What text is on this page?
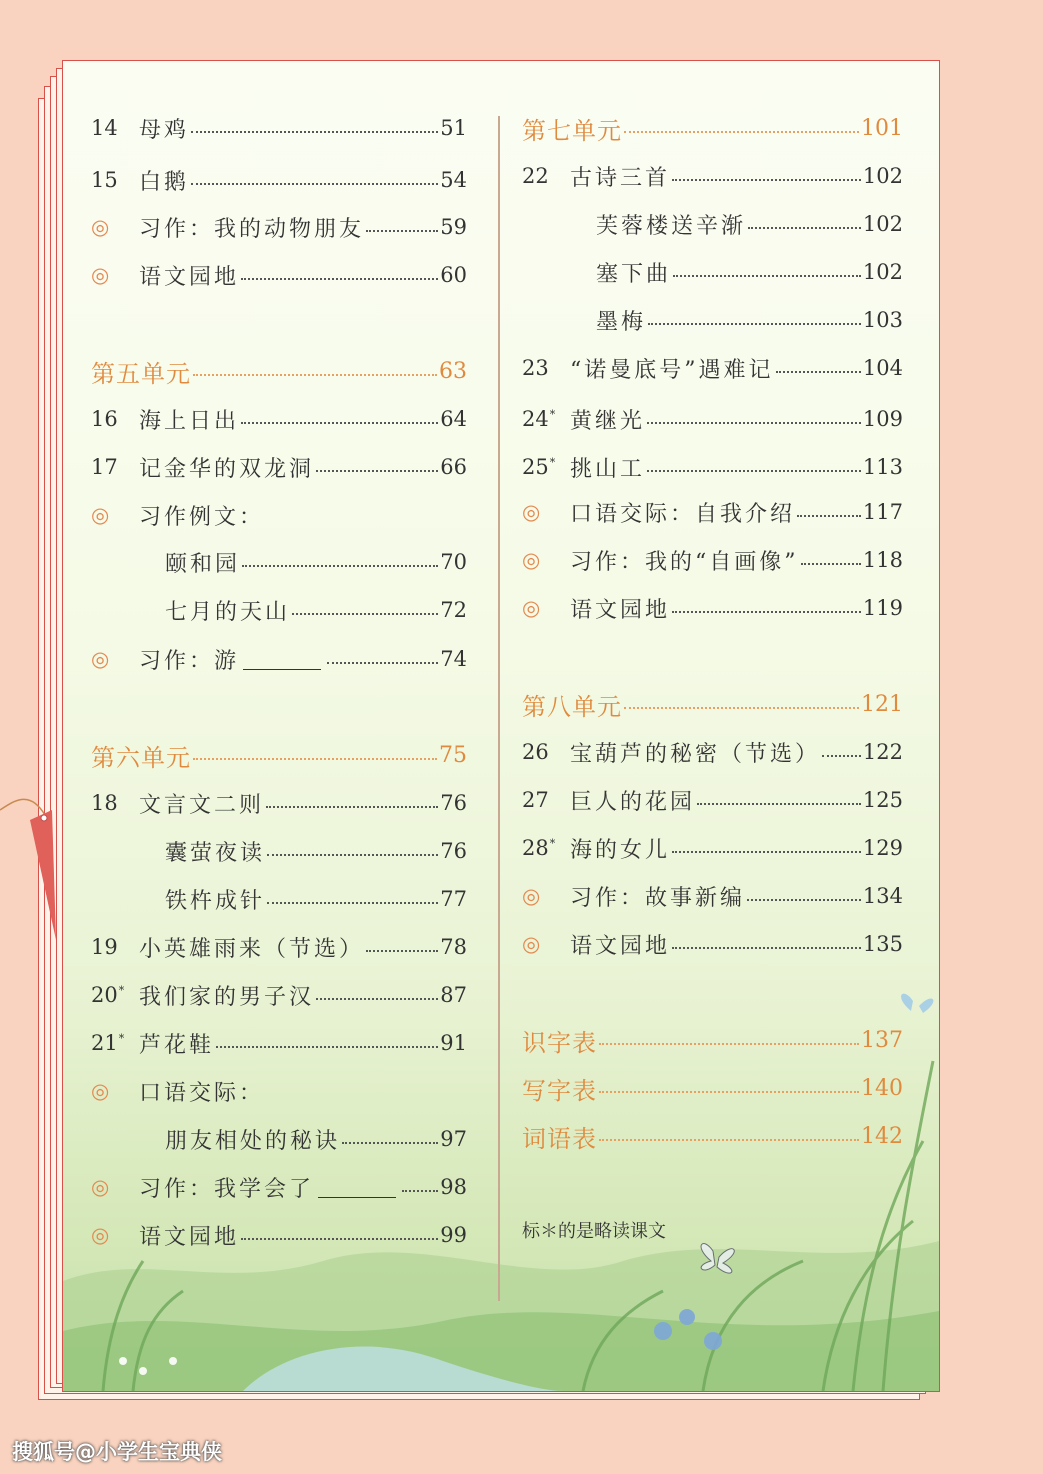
14 母鸡	51
15 白鹅	54
◎	习作：我的动物朋友	59
◎	语文园地	60
第五单元	63
16 海上日出	64
17 记金华的双龙洞	66
◎	习作例文：
颐和园	70
七月的天山	72
◎	习作：游	74
第六单元	75
18 文言文二则	76
囊萤夜读	76
铁杵成针	77
19 小英雄雨来（节选）	78
20* 我们家的男子汉	87
21* 芦花鞋	91
◎	口语交际：
朋友相处的秘诀	97
◎	习作：我学会了	98
◎	语文园地	99
第七单元	101
22 古诗三首	102
芙蓉楼送辛渐	102
塞下曲	102
墨梅	103
23 “诺曼底号”遇难记	104
24* 黄继光	109
25* 挑山工	113
◎	口语交际：自我介绍	117
◎	习作：我的“自画像”	118
◎	语文园地	119
第八单元	121
26 宝葫芦的秘密（节选） 122
27 巨人的花园	125
28* 海的女儿	129
◎	习作：故事新编	134
◎	语文园地	135
识字表	137
写字表	140
词语表	142
标＊的是略读课文
搜狐号@小学生宝典侠
